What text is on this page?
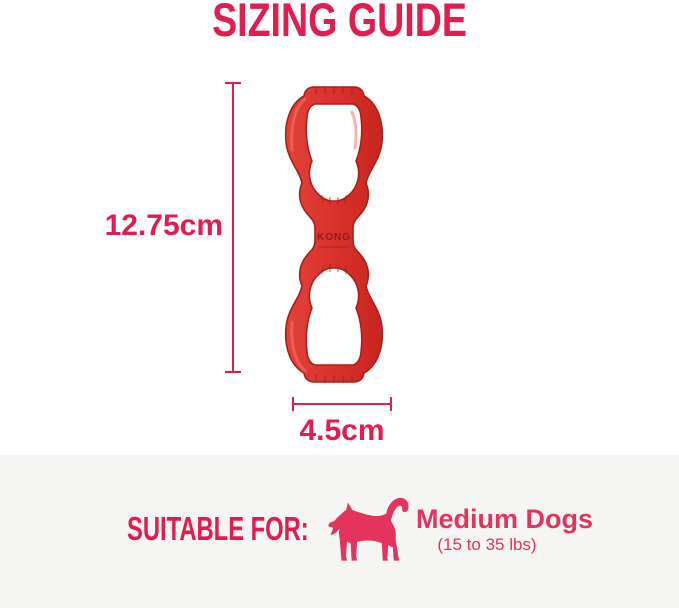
SIZING GUIDE
KONG
12.75cm
4.5cm
SUITABLE FOR:	Medium Dogs
(15 to 35 lbs)
